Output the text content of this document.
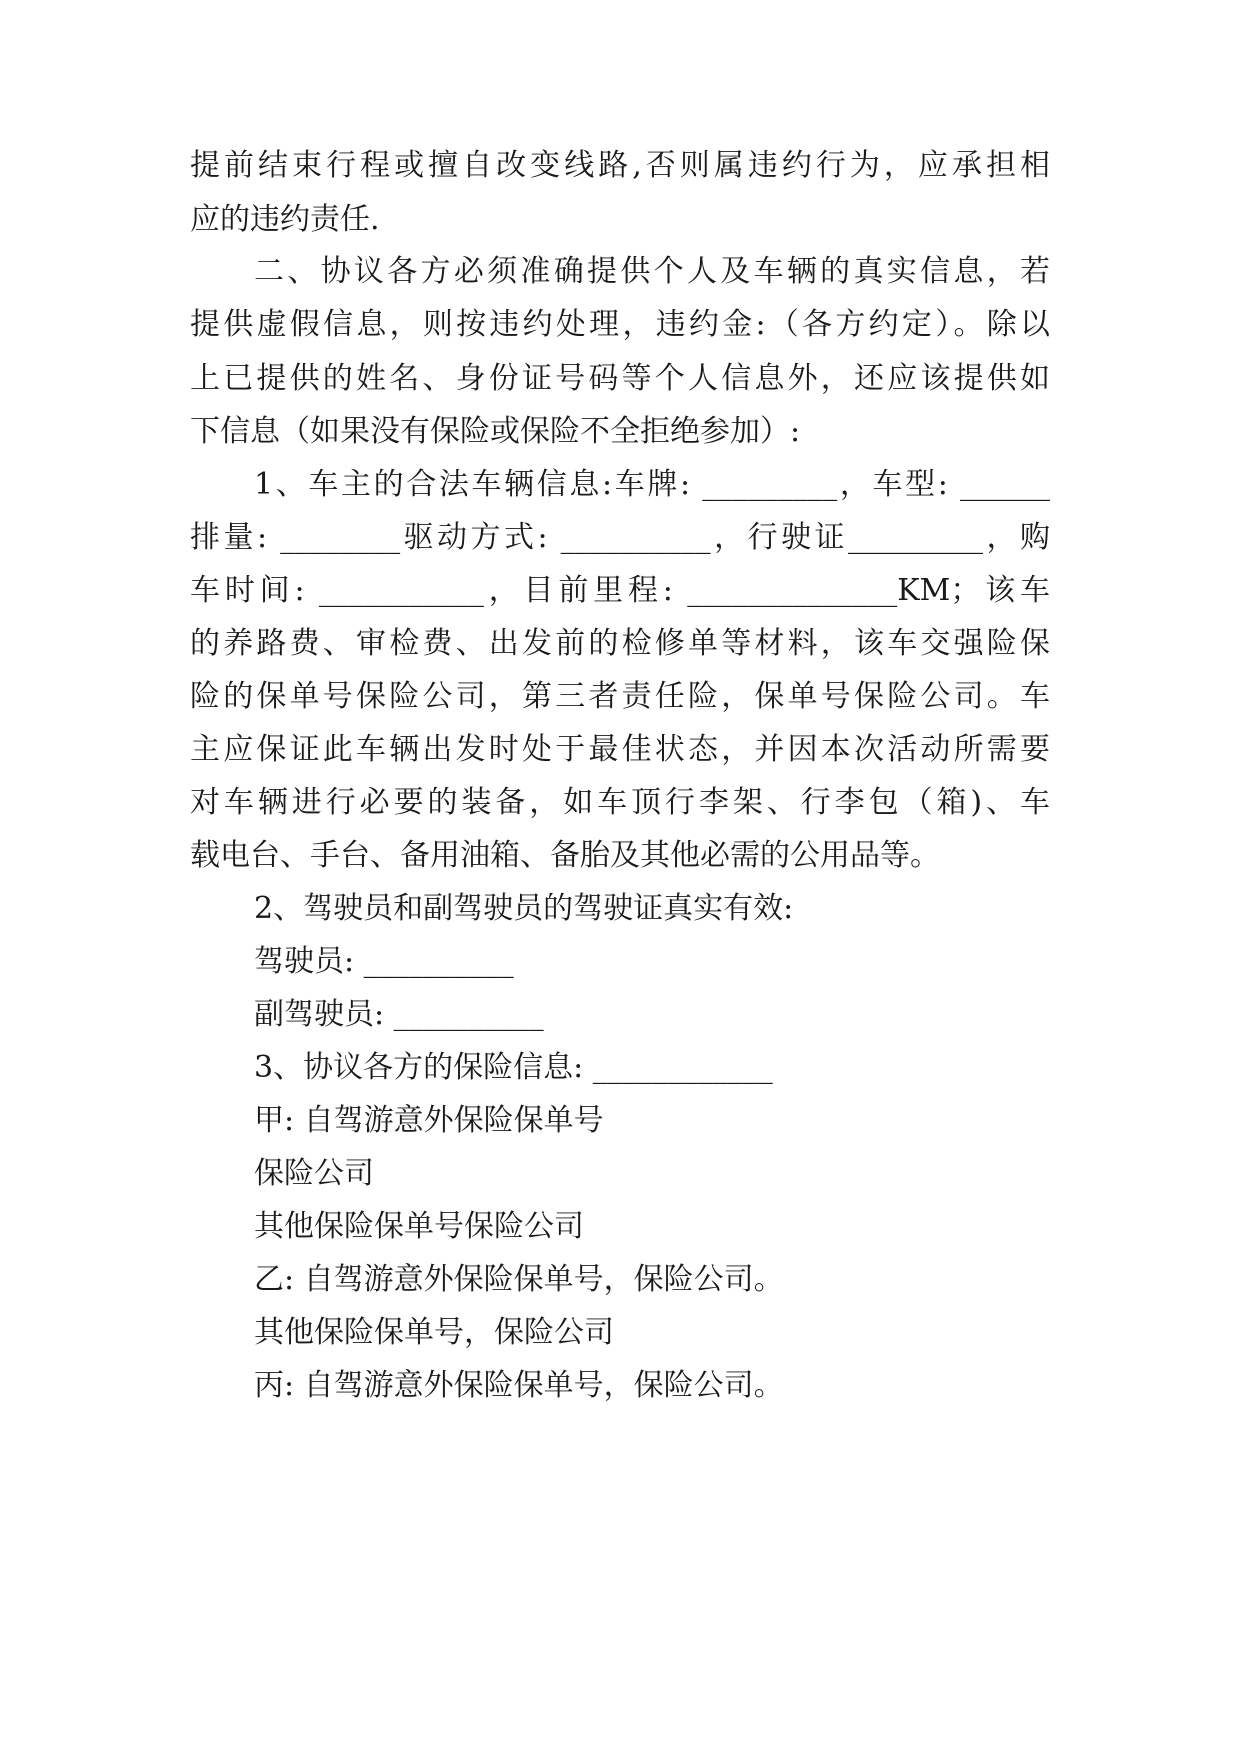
提前结束行程或擅自改变线路,否则属违约行为，应承担相
应的违约责任.
二、协议各方必须准确提供个人及车辆的真实信息，若
提供虚假信息，则按违约处理，违约金:（各方约定）。除以
上已提供的姓名、身份证号码等个人信息外，还应该提供如
下信息（如果没有保险或保险不全拒绝参加）:
1、车主的合法车辆信息:车牌: _________，车型: ______
排量: ________驱动方式: __________，行驶证_________，购
车时间: ___________，目前里程: ______________KM；该车
的养路费、审检费、出发前的检修单等材料，该车交强险保
险的保单号保险公司，第三者责任险，保单号保险公司。车
主应保证此车辆出发时处于最佳状态，并因本次活动所需要
对车辆进行必要的装备，如车顶行李架、行李包（箱)、车
载电台、手台、备用油箱、备胎及其他必需的公用品等。
2、驾驶员和副驾驶员的驾驶证真实有效:
驾驶员: __________
副驾驶员: __________
3、协议各方的保险信息: ____________
甲: 自驾游意外保险保单号
保险公司
其他保险保单号保险公司
乙: 自驾游意外保险保单号，保险公司。
其他保险保单号，保险公司
丙: 自驾游意外保险保单号，保险公司。
